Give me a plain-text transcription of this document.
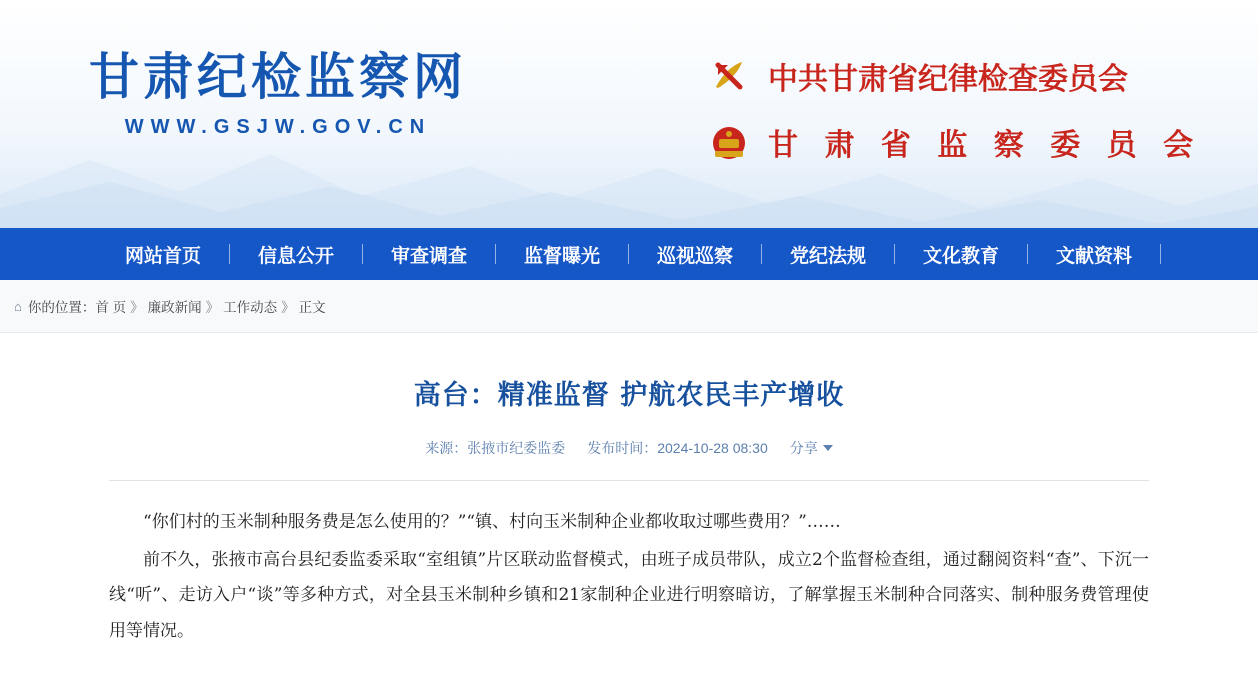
甘肃纪检监察网
WWW.GSJW.GOV.CN
中共甘肃省纪律检查委员会
甘 肃 省 监 察 委 员 会
网站首页	信息公开	审查调查	监督曝光	巡视巡察	党纪法规	文化教育	文献资料
⌂ 你的位置： 首 页 》 廉政新闻 》 工作动态 》 正文
高台：精准监督 护航农民丰产增收
来源：张掖市纪委监委 发布时间：2024-10-28 08:30 分享

“你们村的玉米制种服务费是怎么使用的？”“镇、村向玉米制种企业都收取过哪些费用？”……

前不久，张掖市高台县纪委监委采取“室组镇”片区联动监督模式，由班子成员带队，成立2个监督检查组，通过翻阅资料“查”、下沉一线“听”、走访入户“谈”等多种方式，对全县玉米制种乡镇和21家制种企业进行明察暗访，了解掌握玉米制种合同落实、制种服务费管理使用等情况。
